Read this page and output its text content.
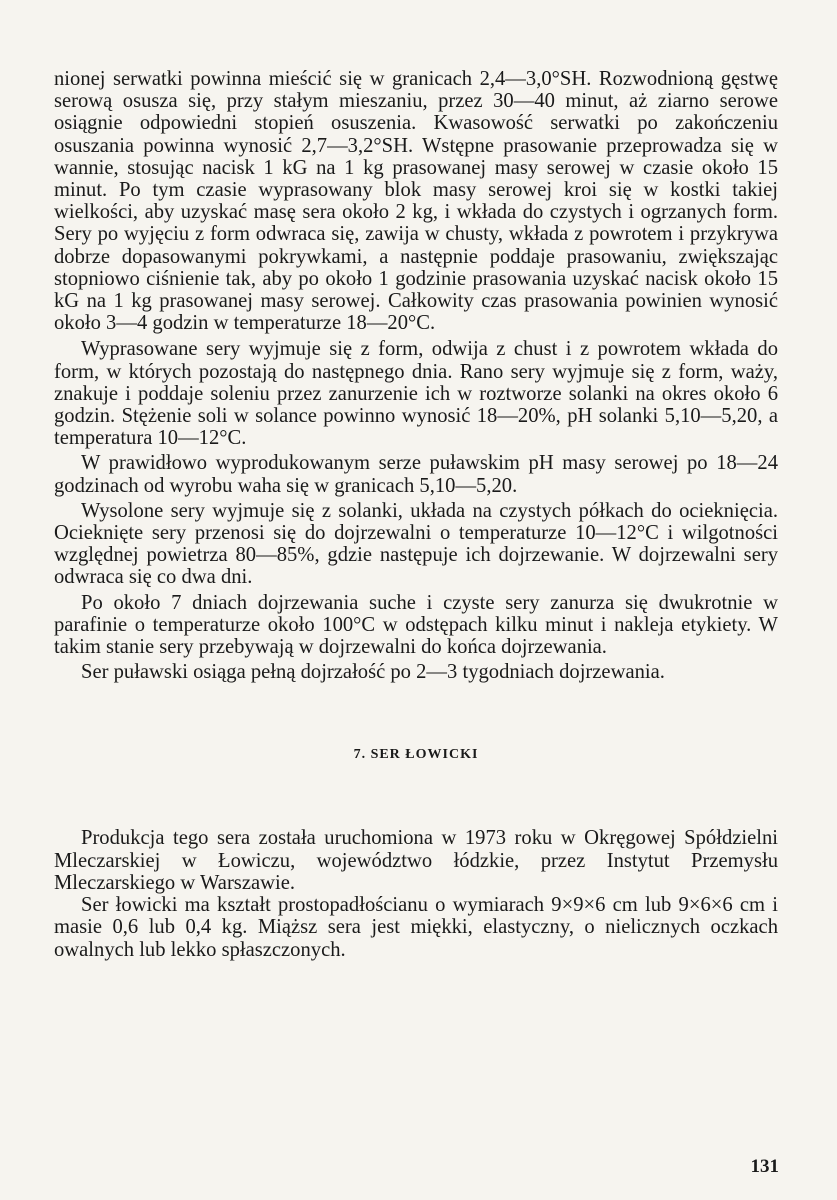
nionej serwatki powinna mieścić się w granicach 2,4—3,0°SH. Rozwodnioną gęstwę serową osusza się, przy stałym mieszaniu, przez 30—40 minut, aż ziarno serowe osiągnie odpowiedni stopień osuszenia. Kwasowość serwatki po zakończeniu osuszania powinna wynosić 2,7—3,2°SH. Wstępne prasowanie przeprowadza się w wannie, stosując nacisk 1 kG na 1 kg prasowanej masy serowej w czasie około 15 minut. Po tym czasie wyprasowany blok masy serowej kroi się w kostki takiej wielkości, aby uzyskać masę sera około 2 kg, i wkłada do czystych i ogrzanych form. Sery po wyjęciu z form odwraca się, zawija w chusty, wkłada z powrotem i przykrywa dobrze dopasowanymi pokrywkami, a następnie poddaje prasowaniu, zwiększając stopniowo ciśnienie tak, aby po około 1 godzinie prasowania uzyskać nacisk około 15 kG na 1 kg prasowanej masy serowej. Całkowity czas prasowania powinien wynosić około 3—4 godzin w temperaturze 18—20°C.

Wyprasowane sery wyjmuje się z form, odwija z chust i z powrotem wkłada do form, w których pozostają do następnego dnia. Rano sery wyjmuje się z form, waży, znakuje i poddaje soleniu przez zanurzenie ich w roztworze solanki na okres około 6 godzin. Stężenie soli w solance powinno wynosić 18—20%, pH solanki 5,10—5,20, a temperatura 10—12°C.

W prawidłowo wyprodukowanym serze puławskim pH masy serowej po 18—24 godzinach od wyrobu waha się w granicach 5,10—5,20.

Wysolone sery wyjmuje się z solanki, układa na czystych półkach do ocieknięcia. Ocieknięte sery przenosi się do dojrzewalni o temperaturze 10—12°C i wilgotności względnej powietrza 80—85%, gdzie następuje ich dojrzewanie. W dojrzewalni sery odwraca się co dwa dni.

Po około 7 dniach dojrzewania suche i czyste sery zanurza się dwukrotnie w parafinie o temperaturze około 100°C w odstępach kilku minut i nakleja etykiety. W takim stanie sery przebywają w dojrzewalni do końca dojrzewania.

Ser puławski osiąga pełną dojrzałość po 2—3 tygodniach dojrzewania.

7. SER ŁOWICKI

Produkcja tego sera została uruchomiona w 1973 roku w Okręgowej Spółdzielni Mleczarskiej w Łowiczu, województwo łódzkie, przez Instytut Przemysłu Mleczarskiego w Warszawie.

Ser łowicki ma kształt prostopadłościanu o wymiarach 9×9×6 cm lub 9×6×6 cm i masie 0,6 lub 0,4 kg. Miąższ sera jest miękki, elastyczny, o nielicznych oczkach owalnych lub lekko spłaszczonych.

131
